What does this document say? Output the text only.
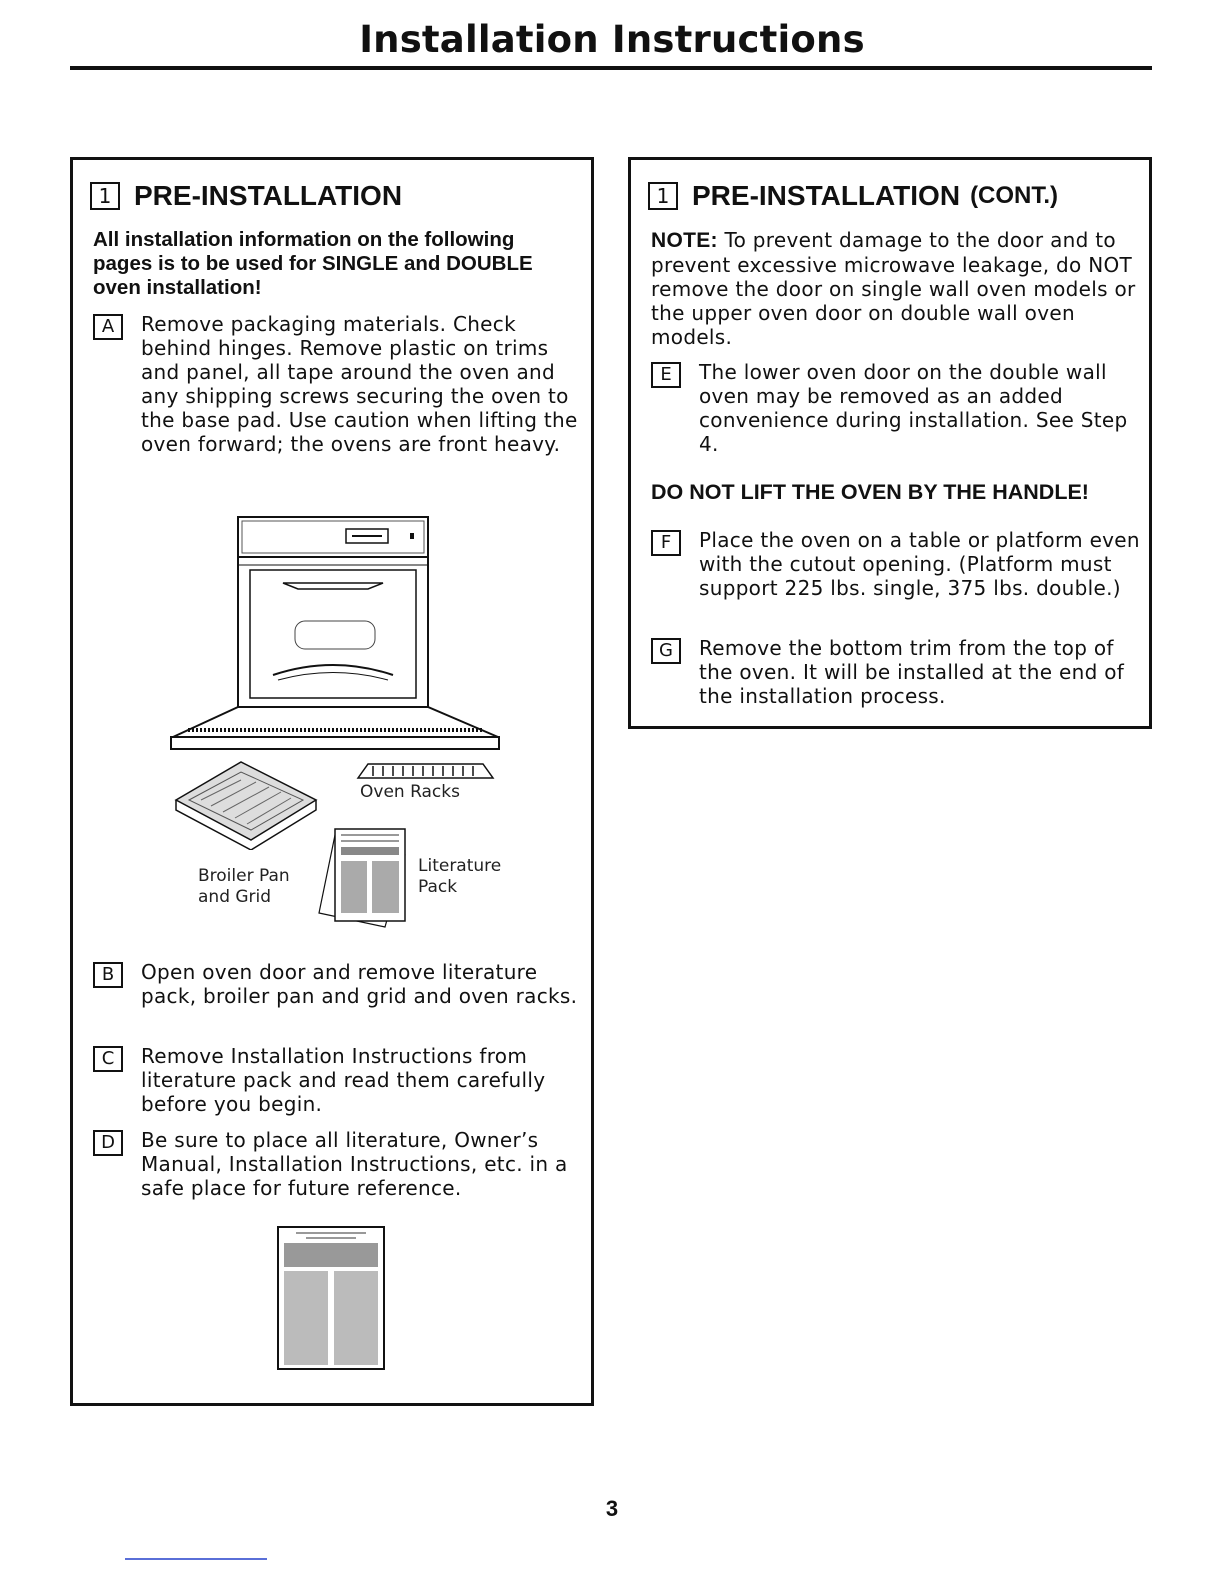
Installation Instructions
1 PRE-INSTALLATION
All installation information on the following pages is to be used for SINGLE and DOUBLE oven installation!
A	Remove packaging materials. Check behind hinges. Remove plastic on trims and panel, all tape around the oven and any shipping screws securing the oven to the base pad. Use caution when lifting the oven forward; the ovens are front heavy.
Oven Racks
Broiler Pan
and Grid
Literature
Pack
B	Open oven door and remove literature pack, broiler pan and grid and oven racks.
C	Remove Installation Instructions from literature pack and read them carefully before you begin.
D	Be sure to place all literature, Owner’s Manual, Installation Instructions, etc. in a safe place for future reference.
1 PRE-INSTALLATION (CONT.)
NOTE: To prevent damage to the door and to prevent excessive microwave leakage, do NOT remove the door on single wall oven models or the upper oven door on double wall oven models.
E	The lower oven door on the double wall oven may be removed as an added convenience during installation. See Step 4.
DO NOT LIFT THE OVEN BY THE HANDLE!
F	Place the oven on a table or platform even with the cutout opening. (Platform must support 225 lbs. single, 375 lbs. double.)
G	Remove the bottom trim from the top of the oven. It will be installed at the end of the installation process.
3
